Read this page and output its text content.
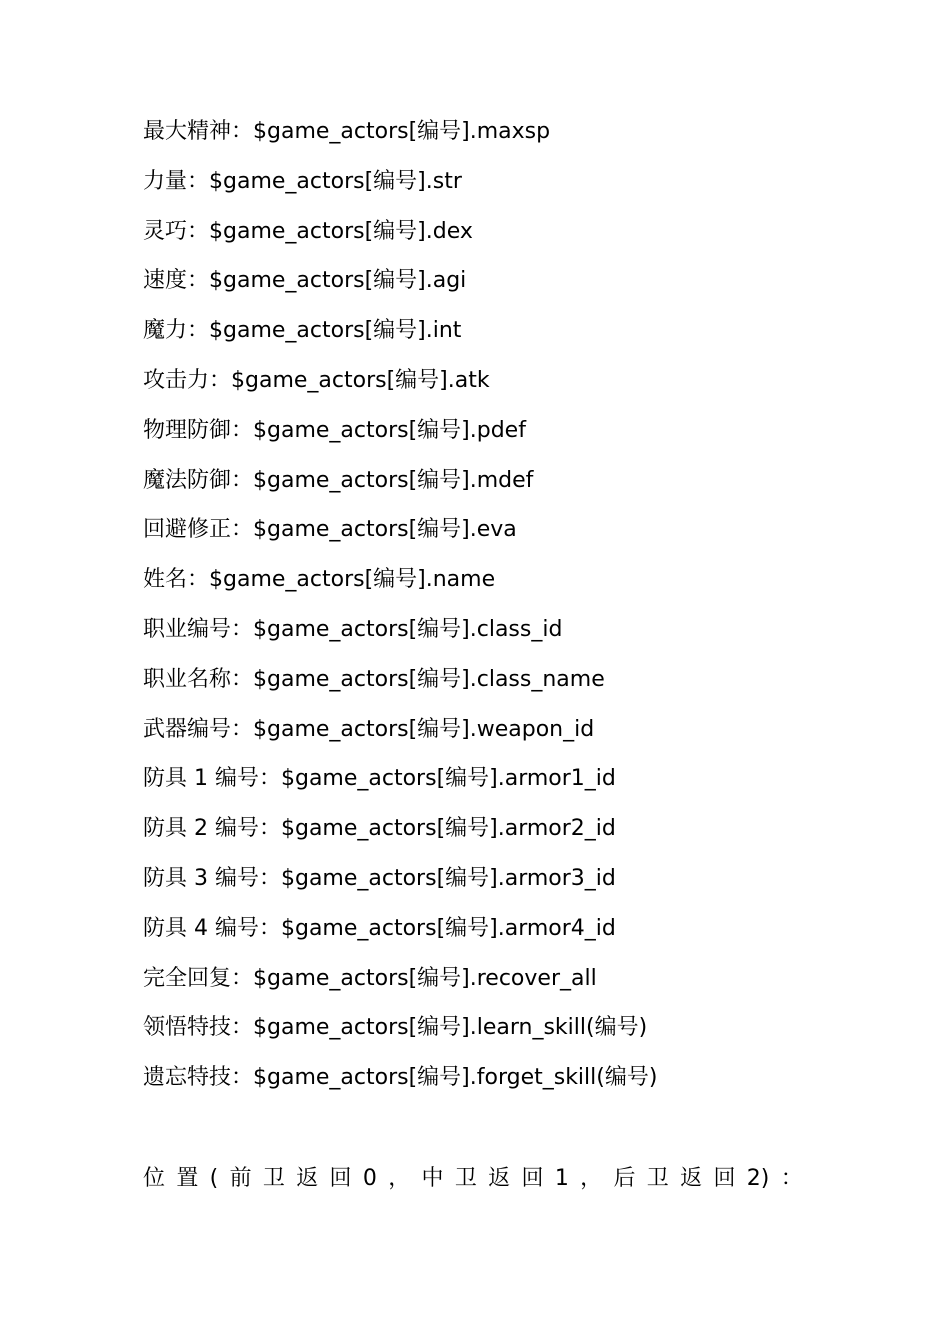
最大精神：$game_actors[编号].maxsp
力量：$game_actors[编号].str
灵巧：$game_actors[编号].dex
速度：$game_actors[编号].agi
魔力：$game_actors[编号].int
攻击力：$game_actors[编号].atk
物理防御：$game_actors[编号].pdef
魔法防御：$game_actors[编号].mdef
回避修正：$game_actors[编号].eva
姓名：$game_actors[编号].name
职业编号：$game_actors[编号].class_id
职业名称：$game_actors[编号].class_name
武器编号：$game_actors[编号].weapon_id
防具 1 编号：$game_actors[编号].armor1_id
防具 2 编号：$game_actors[编号].armor2_id
防具 3 编号：$game_actors[编号].armor3_id
防具 4 编号：$game_actors[编号].armor4_id
完全回复：$game_actors[编号].recover_all
领悟特技：$game_actors[编号].learn_skill(编号)
遗忘特技：$game_actors[编号].forget_skill(编号)
位 置 ( 前 卫 返 回 0 ， 中 卫 返 回 1 ， 后 卫 返 回 2) ：
